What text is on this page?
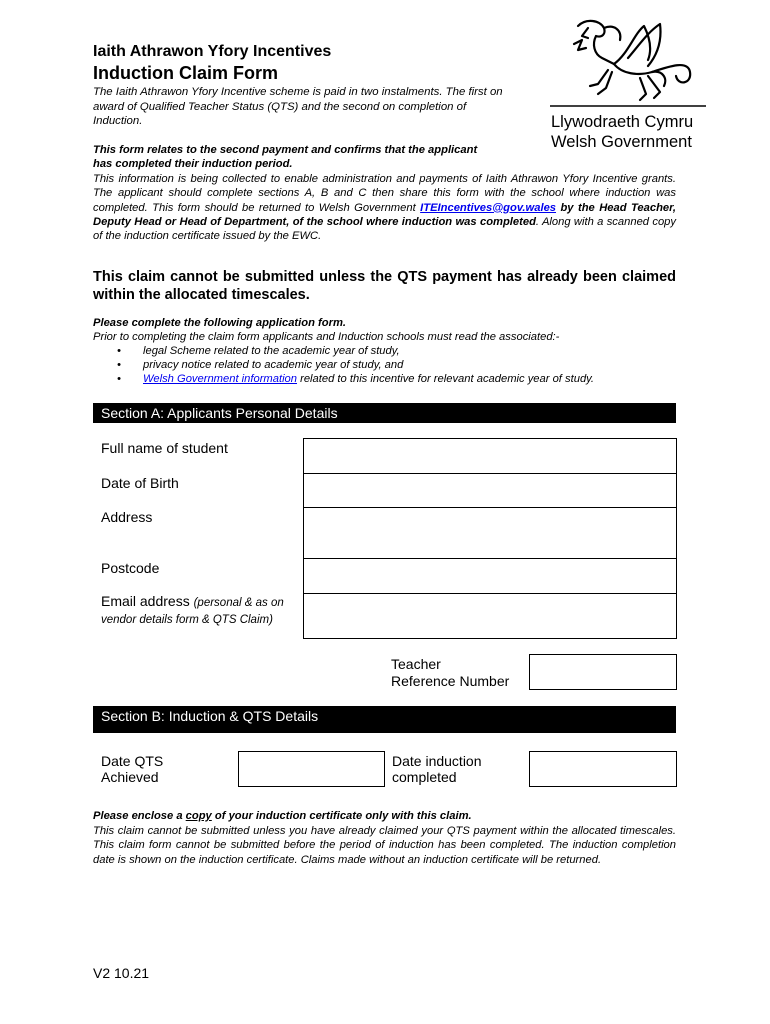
Iaith Athrawon Yfory Incentives
Induction Claim Form
The Iaith Athrawon Yfory Incentive scheme is paid in two instalments. The first on award of Qualified Teacher Status (QTS) and the second on completion of Induction.	Llywodraeth Cymru
Welsh Government
This form relates to the second payment and confirms that the applicant has completed their induction period.
This information is being collected to enable administration and payments of Iaith Athrawon Yfory Incentive grants. The applicant should complete sections A, B and C then share this form with the school where induction was completed. This form should be returned to Welsh Government ITEIncentives@gov.wales by the Head Teacher, Deputy Head or Head of Department, of the school where induction was completed. Along with a scanned copy of the induction certificate issued by the EWC.
This claim cannot be submitted unless the QTS payment has already been claimed within the allocated timescales.
Please complete the following application form.
Prior to completing the claim form applicants and Induction schools must read the associated:-
• legal Scheme related to the academic year of study,
• privacy notice related to academic year of study, and
• Welsh Government information related to this incentive for relevant academic year of study.
Section A: Applicants Personal Details
Full name of student
Date of Birth
Address
Postcode
Email address (personal & as on vendor details form & QTS Claim)
Teacher
Reference Number
Section B: Induction & QTS Details
Date QTS
Achieved
Date induction
completed
Please enclose a copy of your induction certificate only with this claim.
This claim cannot be submitted unless you have already claimed your QTS payment within the allocated timescales. This claim form cannot be submitted before the period of induction has been completed. The induction completion date is shown on the induction certificate. Claims made without an induction certificate will be returned.
V2 10.21
